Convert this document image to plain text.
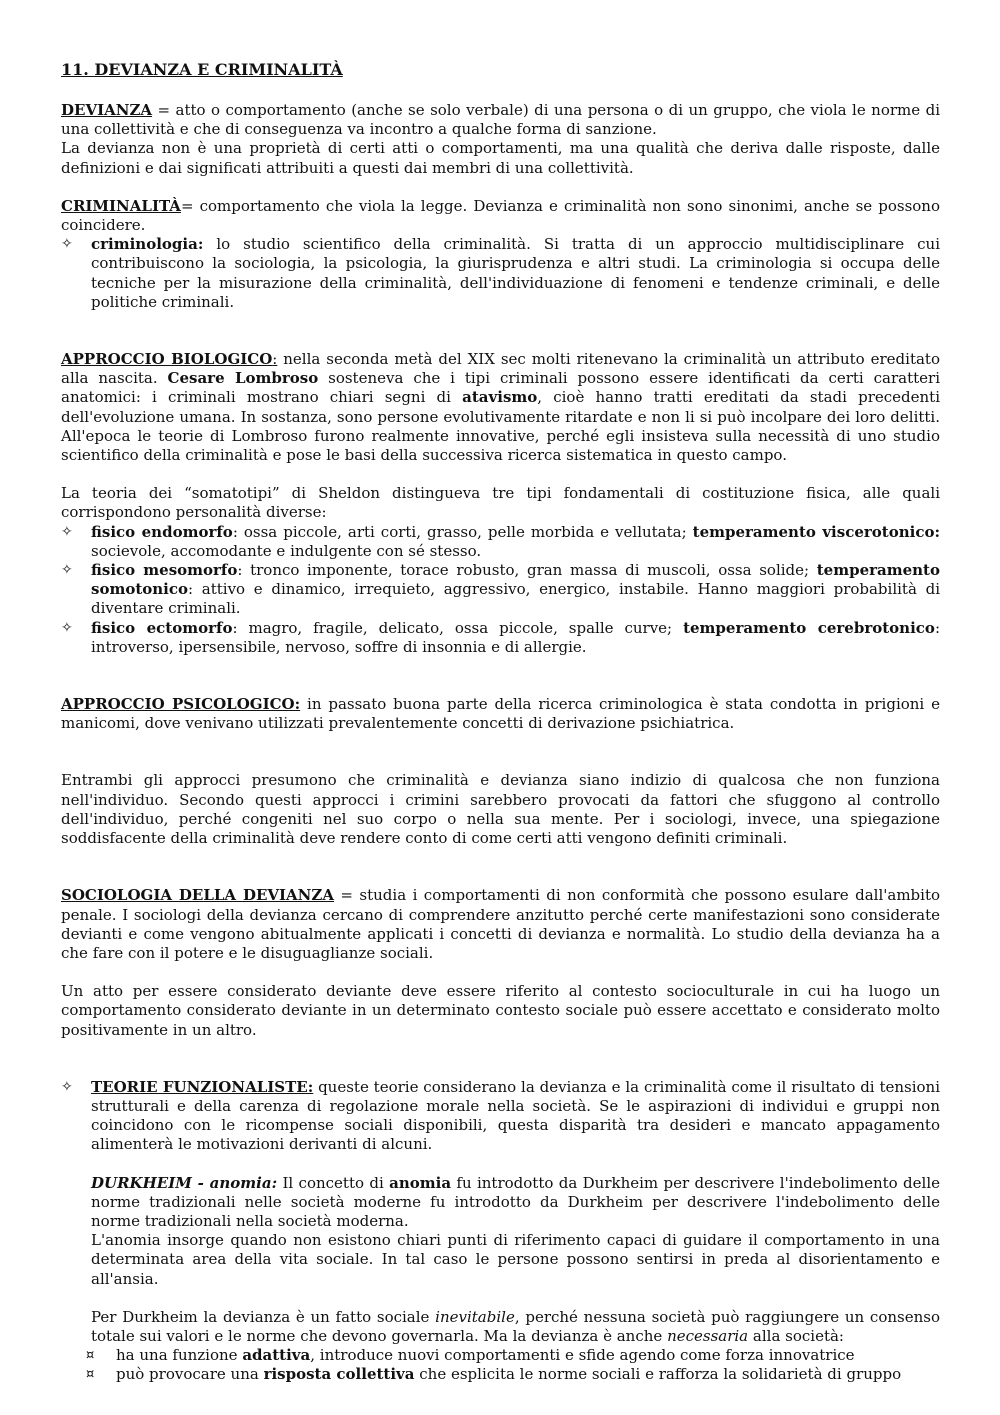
11. DEVIANZA E CRIMINALITÀ

DEVIANZA = atto o comportamento (anche se solo verbale) di una persona o di un gruppo, che viola le norme di una collettività e che di conseguenza va incontro a qualche forma di sanzione.

La devianza non è una proprietà di certi atti o comportamenti, ma una qualità che deriva dalle risposte, dalle definizioni e dai significati attribuiti a questi dai membri di una collettività.

CRIMINALITÀ= comportamento che viola la legge. Devianza e criminalità non sono sinonimi, anche se possono coincidere.

✧	criminologia: lo studio scientifico della criminalità. Si tratta di un approccio multidisciplinare cui contribuiscono la sociologia, la psicologia, la giurisprudenza e altri studi. La criminologia si occupa delle tecniche per la misurazione della criminalità, dell'individuazione di fenomeni e tendenze criminali, e delle politiche criminali.

APPROCCIO BIOLOGICO: nella seconda metà del XIX sec molti ritenevano la criminalità un attributo ereditato alla nascita. Cesare Lombroso sosteneva che i tipi criminali possono essere identificati da certi caratteri anatomici: i criminali mostrano chiari segni di atavismo, cioè hanno tratti ereditati da stadi precedenti dell'evoluzione umana. In sostanza, sono persone evolutivamente ritardate e non li si può incolpare dei loro delitti. All'epoca le teorie di Lombroso furono realmente innovative, perché egli insisteva sulla necessità di uno studio scientifico della criminalità e pose le basi della successiva ricerca sistematica in questo campo.

La teoria dei “somatotipi” di Sheldon distingueva tre tipi fondamentali di costituzione fisica, alle quali corrispondono personalità diverse:

✧	fisico endomorfo: ossa piccole, arti corti, grasso, pelle morbida e vellutata; temperamento viscerotonico: socievole, accomodante e indulgente con sé stesso.

✧	fisico mesomorfo: tronco imponente, torace robusto, gran massa di muscoli, ossa solide; temperamento somotonico: attivo e dinamico, irrequieto, aggressivo, energico, instabile. Hanno maggiori probabilità di diventare criminali.

✧	fisico ectomorfo: magro, fragile, delicato, ossa piccole, spalle curve; temperamento cerebrotonico: introverso, ipersensibile, nervoso, soffre di insonnia e di allergie.

APPROCCIO PSICOLOGICO: in passato buona parte della ricerca criminologica è stata condotta in prigioni e manicomi, dove venivano utilizzati prevalentemente concetti di derivazione psichiatrica.

Entrambi gli approcci presumono che criminalità e devianza siano indizio di qualcosa che non funziona nell'individuo. Secondo questi approcci i crimini sarebbero provocati da fattori che sfuggono al controllo dell'individuo, perché congeniti nel suo corpo o nella sua mente. Per i sociologi, invece, una spiegazione soddisfacente della criminalità deve rendere conto di come certi atti vengono definiti criminali.

SOCIOLOGIA DELLA DEVIANZA = studia i comportamenti di non conformità che possono esulare dall'ambito penale. I sociologi della devianza cercano di comprendere anzitutto perché certe manifestazioni sono considerate devianti e come vengono abitualmente applicati i concetti di devianza e normalità. Lo studio della devianza ha a che fare con il potere e le disuguaglianze sociali.

Un atto per essere considerato deviante deve essere riferito al contesto socioculturale in cui ha luogo un comportamento considerato deviante in un determinato contesto sociale può essere accettato e considerato molto positivamente in un altro.

✧	TEORIE FUNZIONALISTE: queste teorie considerano la devianza e la criminalità come il risultato di tensioni strutturali e della carenza di regolazione morale nella società. Se le aspirazioni di individui e gruppi non coincidono con le ricompense sociali disponibili, questa disparità tra desideri e mancato appagamento alimenterà le motivazioni derivanti di alcuni.

DURKHEIM - anomia: Il concetto di anomia fu introdotto da Durkheim per descrivere l'indebolimento delle norme tradizionali nelle società moderne fu introdotto da Durkheim per descrivere l'indebolimento delle norme tradizionali nella società moderna.

L'anomia insorge quando non esistono chiari punti di riferimento capaci di guidare il comportamento in una determinata area della vita sociale. In tal caso le persone possono sentirsi in preda al disorientamento e all'ansia.

Per Durkheim la devianza è un fatto sociale inevitabile, perché nessuna società può raggiungere un consenso totale sui valori e le norme che devono governarla. Ma la devianza è anche necessaria alla società:

¤	ha una funzione adattiva, introduce nuovi comportamenti e sfide agendo come forza innovatrice

¤	può provocare una risposta collettiva che esplicita le norme sociali e rafforza la solidarietà di gruppo
